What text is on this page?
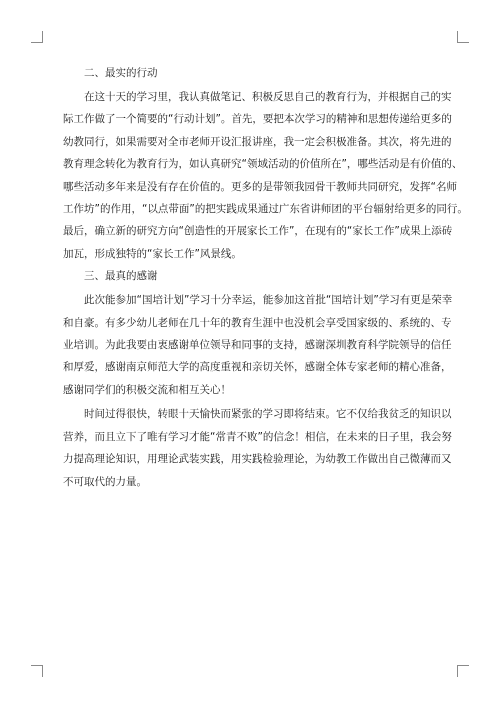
二、最实的行动

在这十天的学习里，我认真做笔记、积极反思自己的教育行为，并根据自己的实
际工作做了一个简要的“行动计划”。首先，要把本次学习的精神和思想传递给更多的
幼教同行，如果需要对全市老师开设汇报讲座，我一定会积极准备。其次，将先进的
教育理念转化为教育行为，如认真研究“领域活动的价值所在”，哪些活动是有价值的、
哪些活动多年来是没有存在价值的。更多的是带领我园骨干教师共同研究，发挥“名师
工作坊”的作用，“以点带面”的把实践成果通过广东省讲师团的平台辐射给更多的同行。
最后，确立新的研究方向“创造性的开展家长工作”，在现有的“家长工作”成果上添砖
加瓦，形成独特的“家长工作”风景线。

三、最真的感谢

此次能参加“国培计划”学习十分幸运，能参加这首批“国培计划”学习有更是荣幸
和自豪。有多少幼儿老师在几十年的教育生涯中也没机会享受国家级的、系统的、专
业培训。为此我要由衷感谢单位领导和同事的支持，感谢深圳教育科学院领导的信任
和厚爱，感谢南京师范大学的高度重视和亲切关怀，感谢全体专家老师的精心准备，
感谢同学们的积极交流和相互关心！

时间过得很快，转眼十天愉快而紧张的学习即将结束。它不仅给我贫乏的知识以
营养，而且立下了唯有学习才能“常青不败”的信念！相信，在未来的日子里，我会努
力提高理论知识，用理论武装实践，用实践检验理论，为幼教工作做出自己微薄而又
不可取代的力量。
